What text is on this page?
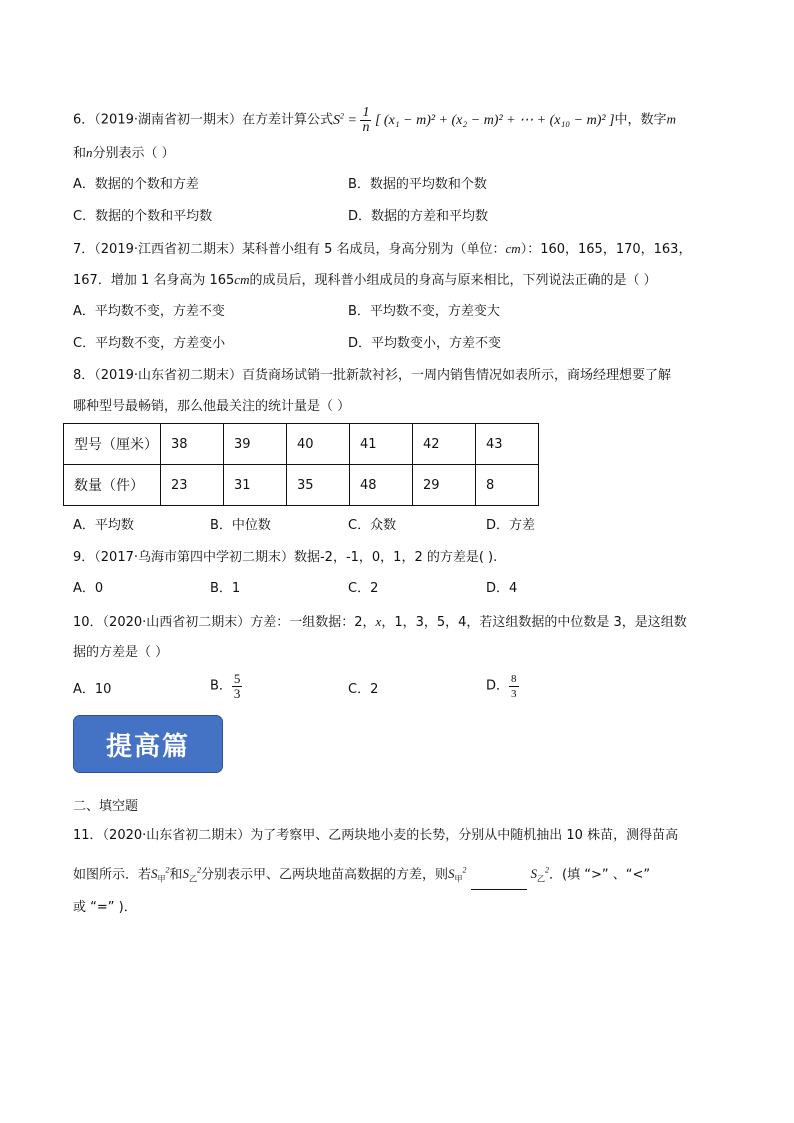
6．（2019·湖南省初一期末）在方差计算公式$S^2 = \frac{1}{n}$ [ (x₁ − m)² + (x₂ − m)² + ⋯ + (x₁₀ − m)² ]中，数字m
和n分别表示（ ）
A．数据的个数和方差	B．数据的平均数和个数
C．数据的个数和平均数	D．数据的方差和平均数
7．（2019·江西省初二期末）某科普小组有 5 名成员，身高分别为（单位：cm）：160，165，170，163，
167．增加 1 名身高为 165cm的成员后，现科普小组成员的身高与原来相比，下列说法正确的是（ ）
A．平均数不变，方差不变	B．平均数不变，方差变大
C．平均数不变，方差变小	D．平均数变小，方差不变
8．（2019·山东省初二期末）百货商场试销一批新款衬衫，一周内销售情况如表所示，商场经理想要了解
哪种型号最畅销，那么他最关注的统计量是（ ）
型号（厘米）	38	39	40	41	42	43
数量（件）	23	31	35	48	29	8
A．平均数	B．中位数	C．众数	D．方差
9．（2017·乌海市第四中学初二期末）数据-2，-1，0，1，2 的方差是( ).
A．0	B．1	C．2	D．4
10．（2020·山西省初二期末）方差：一组数据：2，x，1，3，5，4，若这组数据的中位数是 3，是这组数
据的方差是（ ）
A．10	B． $\frac{5}{3}$	C．2	D． $\frac{8}{3}$
提高篇
二、填空题
11．（2020·山东省初二期末）为了考察甲、乙两块地小麦的长势，分别从中随机抽出 10 株苗，测得苗高
如图所示．若$S_甲^2$和$S_乙^2$分别表示甲、乙两块地苗高数据的方差，则$S_甲^2$	$S_乙^2$．(填 “>” 、“<”
或 “=” )．
